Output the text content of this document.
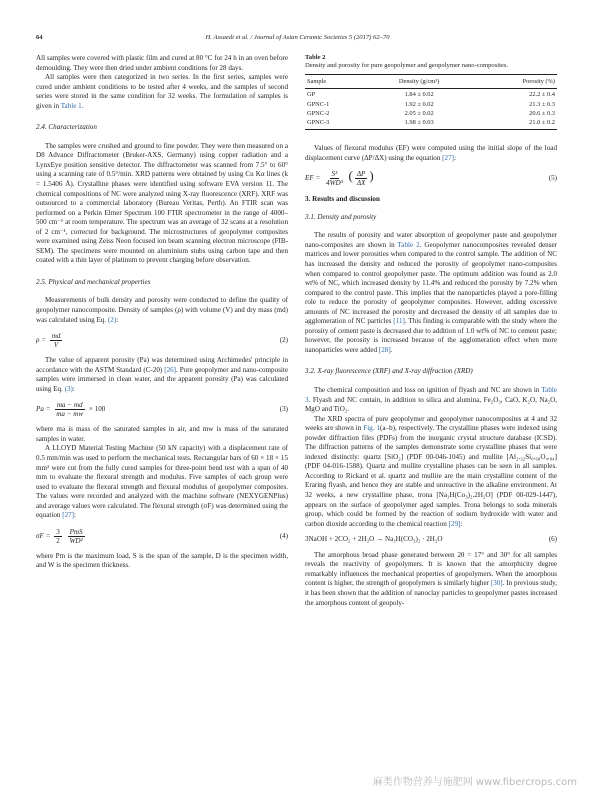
64	H. Assaedi et al. / Journal of Asian Ceramic Societies 5 (2017) 62–70

All samples were covered with plastic film and cured at 80 °C for 24 h in an oven before demoulding. They were then dried under ambient conditions for 28 days.

All samples were then categorized in two series. In the first series, samples were cured under ambient conditions to be tested after 4 weeks, and the samples of second series were stored in the same condition for 32 weeks. The formulation of samples is given in Table 1.

2.4. Characterization

The samples were crushed and ground to fine powder. They were then measured on a D8 Advance Diffractometer (Bruker-AXS, Germany) using copper radiation and a LynxEye position sensitive detector. The diffractometer was scanned from 7.5° to 60° using a scanning rate of 0.5°/min. XRD patterns were obtained by using Cu Kα lines (k = 1.5406 Å). Crystalline phases were identified using software EVA version 11. The chemical compositions of NC were analyzed using X-ray fluorescence (XRF). XRF was outsourced to a commercial laboratory (Bureau Veritas, Perth). An FTIR scan was performed on a Perkin Elmer Spectrum 100 FTIR spectrometer in the range of 4000–500 cm⁻¹ at room temperature. The spectrum was an average of 32 scans at a resolution of 2 cm⁻¹, corrected for background. The microstructures of geopolymer composites were examined using Zeiss Neon focused ion beam scanning electron microscope (FIB-SEM). The specimens were mounted on aluminium stubs using carbon tape and then coated with a thin layer of platinum to prevent charging before observation.

2.5. Physical and mechanical properties

Measurements of bulk density and porosity were conducted to define the quality of geopolymer nanocomposite. Density of samples (ρ) with volume (V) and dry mass (md) was calculated using Eq. (2):

$\rho = \frac{md}{V}$	(2)

The value of apparent porosity (Pa) was determined using Archimedes' principle in accordance with the ASTM Standard (C-20) [26]. Pure geopolymer and nano-composite samples were immersed in clean water, and the apparent porosity (Pa) was calculated using Eq. (3):

$Pa = \frac{ma - md}{ma - mw} \times 100$	(3)

where ma is mass of the saturated samples in air, and mw is mass of the saturated samples in water.

A LLOYD Material Testing Machine (50 kN capacity) with a displacement rate of 0.5 mm/min was used to perform the mechanical tests. Rectangular bars of 60 × 18 × 15 mm³ were cut from the fully cured samples for three-point bend test with a span of 40 mm to evaluate the flexural strength and modulus. Five samples of each group were used to evaluate the flexural strength and flexural modulus of geopolymer composites. The values were recorded and analyzed with the machine software (NEXYGENPlus) and average values were calculated. The flexural strength (σF) was determined using the equation [27]:

$\sigma F = \frac{3}{2}$
$\frac{\text{PmS}}{\text{WD²}}$	(4)

where Pm is the maximum load, S is the span of the sample, D is the specimen width, and W is the specimen thickness.

Table 2
Density and porosity for pure geopolymer and geopolymer nano-composites.
Sample	Density (g/cm³)	Porosity (%)
GP	1.84 ± 0.02	22.2 ± 0.4
GPNC-1	1.92 ± 0.02	21.3 ± 0.3
GPNC-2	2.05 ± 0.02	20.6 ± 0.3
GPNC-3	1.98 ± 0.03	21.0 ± 0.2

Values of flexural modulus (EF) were computed using the initial slope of the load displacement curve (ΔP/ΔX) using the equation [27]:

EF = $\frac{\text{S³}}{\text{4WD³}}$ ( $\frac{\Delta P}{\Delta X}$ )	(5)

3. Results and discussion

3.1. Density and porosity

The results of porosity and water absorption of geopolymer paste and geopolymer nano-composites are shown in Table 2. Geopolymer nanocomposites revealed denser matrices and lower porosities when compared to the control sample. The addition of NC has increased the density and reduced the porosity of geopolymer nano-composites when compared to control geopolymer paste. The optimum addition was found as 2.0 wt% of NC, which increased density by 11.4% and reduced the porosity by 7.2% when compared to the control paste. This implies that the nanoparticles played a pore-filling role to reduce the porosity of geopolymer composites. However, adding excessive amounts of NC increased the porosity and decreased the density of all samples due to agglomeration of NC particles [11]. This finding is comparable with the study where the porosity of cement paste is decreased due to addition of 1.0 wt% of NC to cement paste; however, the porosity is increased because of the agglomeration effect when more nanoparticles were added [28].

3.2. X-ray fluorescence (XRF) and X-ray diffraction (XRD)

The chemical composition and loss on ignition of flyash and NC are shown in Table 3. Flyash and NC contain, in addition to silica and alumina, Fe₂O₃, CaO, K₂O, Na₂O, MgO and TiO₂.

The XRD spectra of pure geopolymer and geopolymer nanocomposites at 4 and 32 weeks are shown in Fig. 1(a–b), respectively. The crystalline phases were indexed using powder diffraction files (PDFs) from the inorganic crystal structure database (ICSD). The diffraction patterns of the samples demonstrate some crystalline phases that were indexed distinctly: quartz [SiO₂] (PDF 00-046-1045) and mullite [Al₂.₃₂Si₀.₆₈O₄.₈₄] (PDF 04-016-1588). Quartz and mullite crystalline phases can be seen in all samples. According to Rickard et al. quartz and mullite are the main crystalline content of the Eraring flyash, and hence they are stable and unreactive in the alkaline environment. At 32 weeks, a new crystalline phase, trona [Na₃H(Co₃)₂.2H₂O] (PDF 00-029-1447), appears on the surface of geopolymer aged samples. Trona belongs to soda minerals group, which could be formed by the reaction of sodium hydroxide with water and carbon dioxide according to the chemical reaction [29]:

3NaOH + 2CO₂ + 2H₂O → Na₃H(CO₃)₂ · 2H₂O	(6)

The amorphous broad phase generated between 2θ = 17° and 30° for all samples reveals the reactivity of geopolymers. It is known that the amorphicity degree remarkably influences the mechanical properties of geopolymers. When the amorphous content is higher, the strength of geopolymers is similarly higher [30]. In previous study, it has been shown that the addition of nanoclay particles to geopolymer pastes increased the amorphous content of geopoly-

麻类作物营养与施肥网 www.fibercrops.com
